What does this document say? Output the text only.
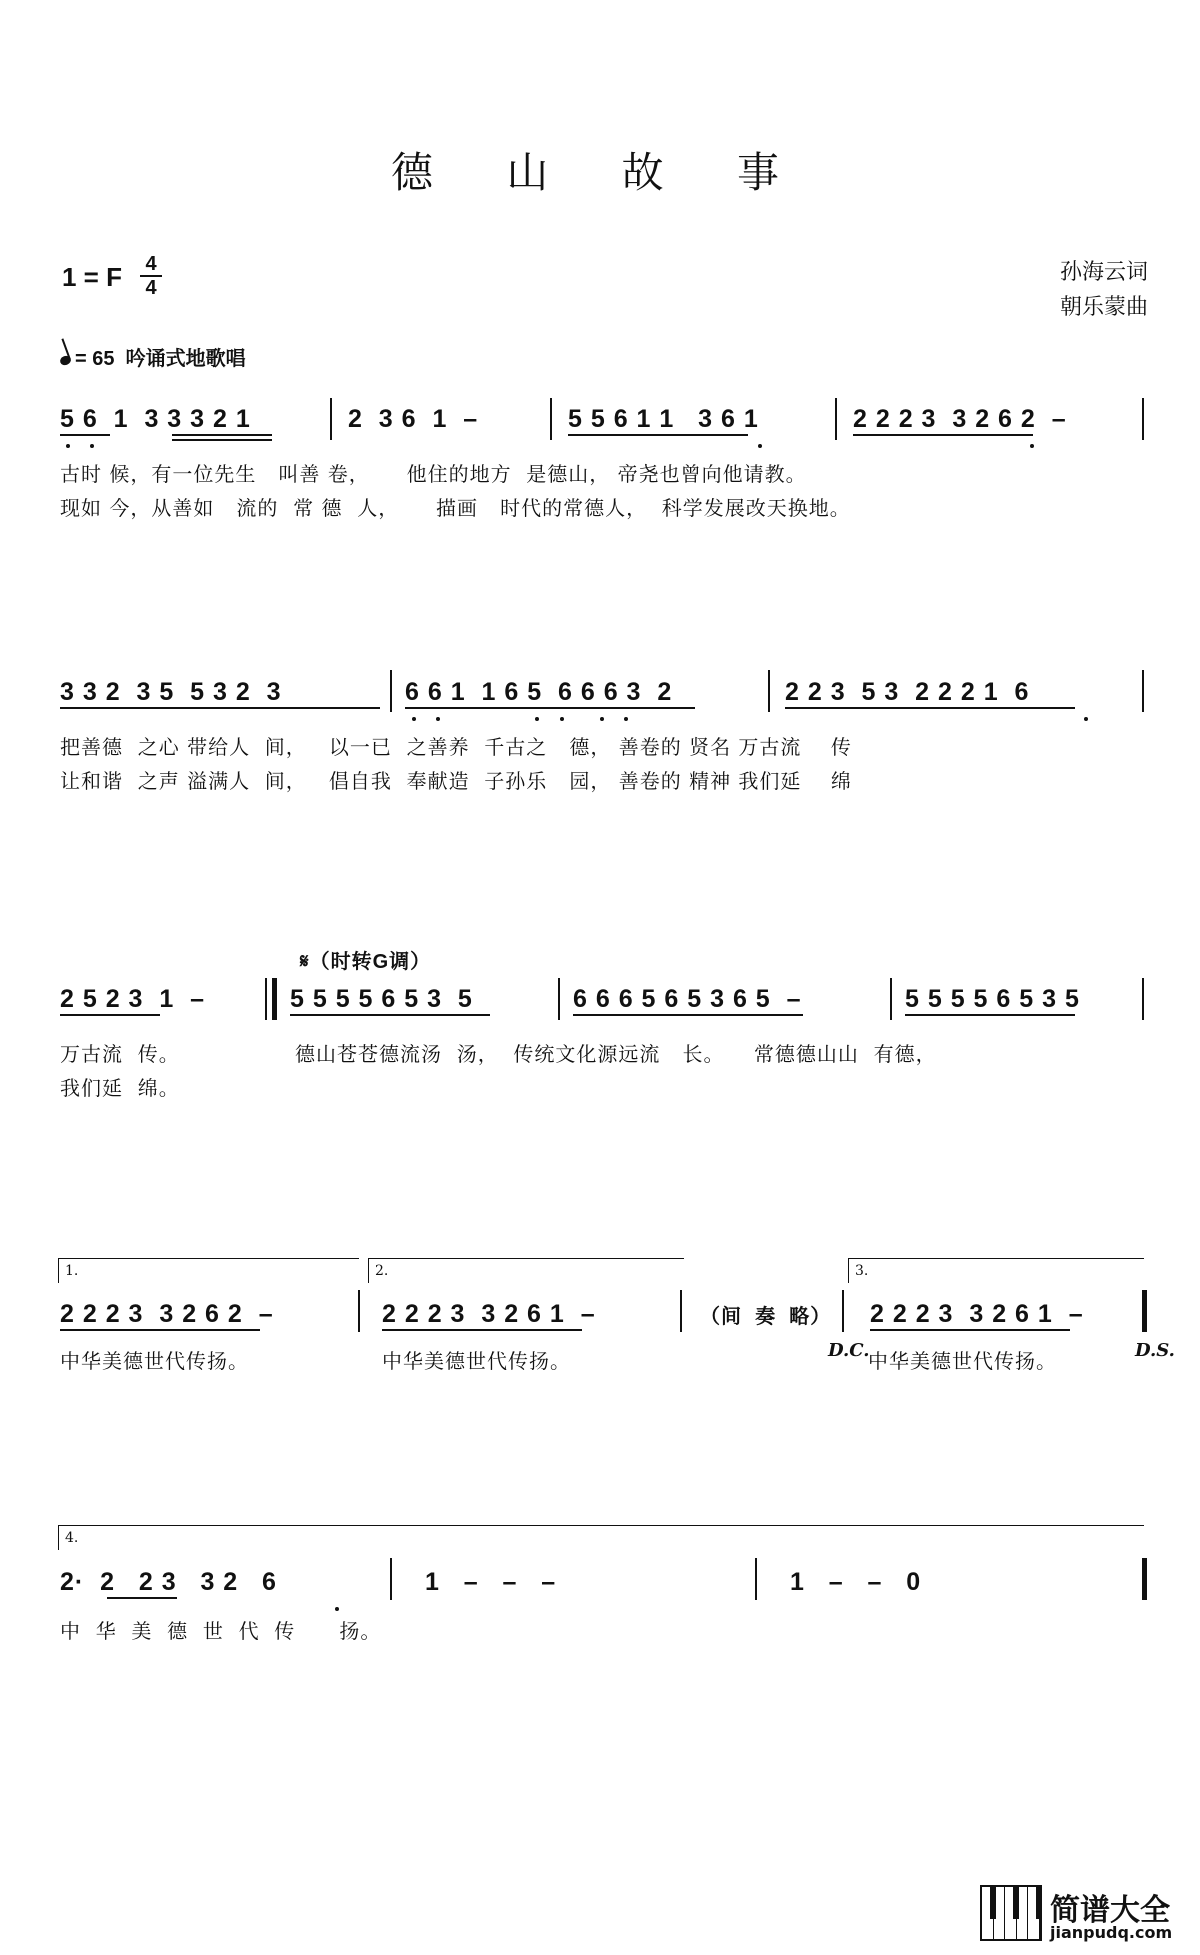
德 山 故 事
1 = F 4
4
孙海云词
朝乐蒙曲
= 65 吟诵式地歌唱
5 6  1  3 3 3 2 1	2  3 6  1  –	5 5 6 1 1   3 6 1	2 2 2 3  3 2 6 2  –
古时 候，有一位先生   叫善 卷，     他住的地方  是德山， 帝尧也曾向他请教。
现如 今，从善如   流的  常 德  人，     描画   时代的常德人，  科学发展改天换地。
3 3 2  3 5  5 3 2  3	6 6 1  1 6 5  6 6 6 3  2	2 2 3  5 3  2 2 2 1  6
把善德  之心 带给人  间，   以一已  之善养  千古之   德， 善卷的 贤名 万古流    传
让和谐  之声 溢满人  间，   倡自我  奉献造  子孙乐   园， 善卷的 精神 我们延    绵
𝄋（时转G调）
2 5 2 3  1  –	5 5 5 5 6 5 3  5	6 6 6 5 6 5 3 6 5  –	5 5 5 5 6 5 3 5
万古流  传。
我们延  绵。
德山苍苍德流汤  汤，  传统文化源远流   长。    常德德山山  有德，
1.	2.	3.
2 2 2 3  3 2 6 2  –	2 2 2 3  3 2 6 1  –	（间  奏  略） 2 2 2 3  3 2 6 1  –
中华美德世代传扬。	中华美德世代传扬。	D.C.
中华美德世代传扬。	D.S.
4.
2·  2   2 3   3 2   6	1   –   –   –	1   –   –   0
中  华  美  德  世  代  传      扬。
简谱大全
jianpudq.com
